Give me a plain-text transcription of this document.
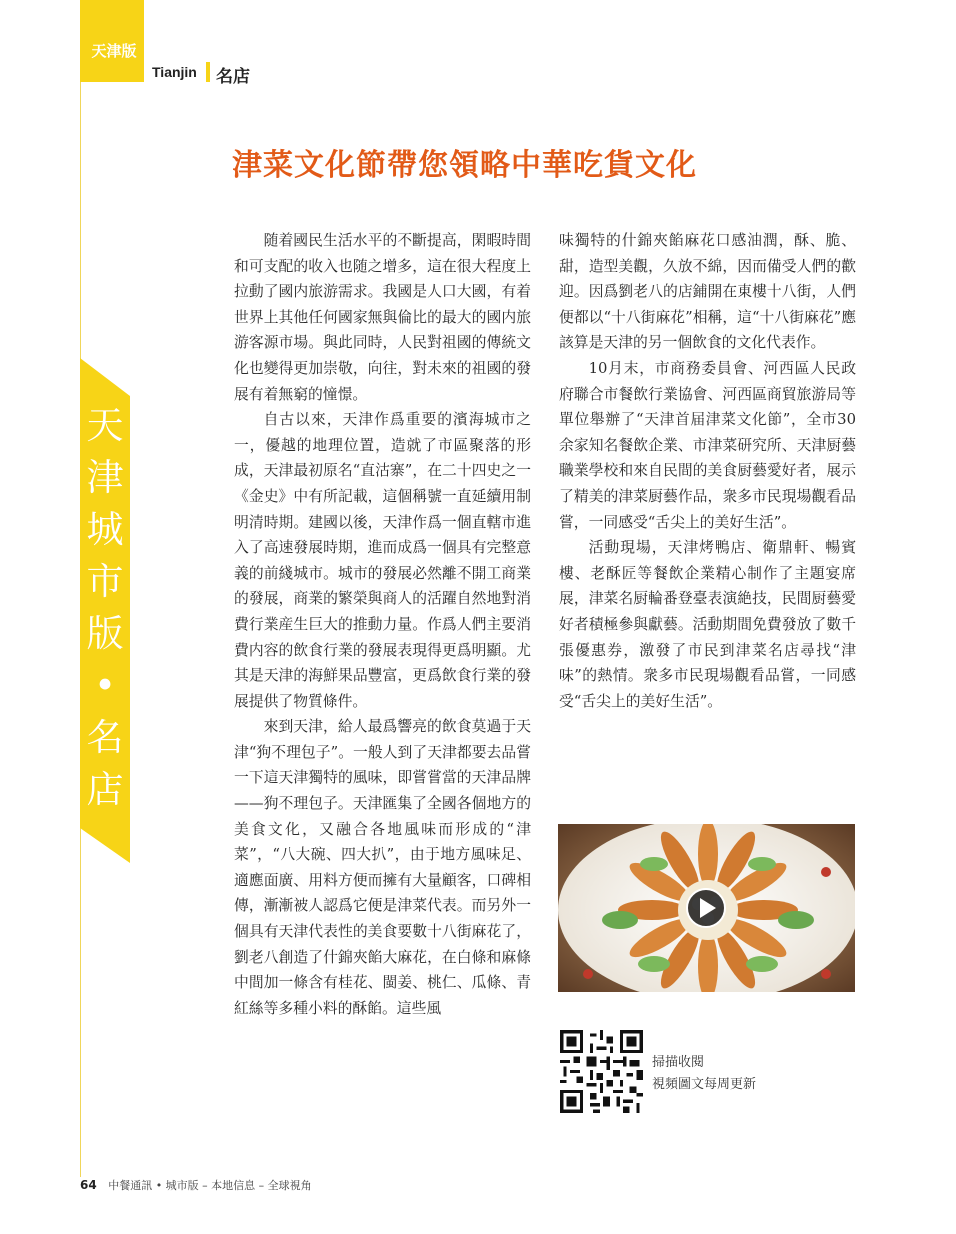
天津版
Tianjin 名店
天
津
城
市
版
•
名
店
津菜文化節帶您領略中華吃貨文化

随着國民生活水平的不斷提高，閑暇時間和可支配的收入也随之增多，這在很大程度上拉動了國内旅游需求。我國是人口大國，有着世界上其他任何國家無與倫比的最大的國内旅游客源市場。與此同時，人民對祖國的傳統文化也變得更加崇敬，向往，對未來的祖國的發展有着無窮的憧憬。

自古以來，天津作爲重要的濱海城市之一，優越的地理位置，造就了市區聚落的形成，天津最初原名“直沽寨”，在二十四史之一《金史》中有所記載，這個稱號一直延續用制明清時期。建國以後，天津作爲一個直轄市進入了高速發展時期，進而成爲一個具有完整意義的前綫城市。城市的發展必然離不開工商業的發展，商業的繁榮與商人的活躍自然地對消費行業産生巨大的推動力量。作爲人們主要消費内容的飲食行業的發展表現得更爲明顯。尤其是天津的海鮮果品豐富，更爲飲食行業的發展提供了物質條件。

來到天津，給人最爲響亮的飲食莫過于天津“狗不理包子”。一般人到了天津都要去品嘗一下這天津獨特的風味，即嘗嘗當的天津品牌——狗不理包子。天津匯集了全國各個地方的美食文化，又融合各地風味而形成的“津菜”，“八大碗、四大扒”，由于地方風味足、適應面廣、用料方便而擁有大量顧客，口碑相傳，漸漸被人認爲它便是津菜代表。而另外一個具有天津代表性的美食要數十八街麻花了，劉老八創造了什錦夾餡大麻花，在白條和麻條中間加一條含有桂花、閩姜、桃仁、瓜條、青紅絲等多種小料的酥餡。這些風

味獨特的什錦夾餡麻花口感油潤，酥、脆、甜，造型美觀，久放不綿，因而備受人們的歡迎。因爲劉老八的店鋪開在東樓十八街，人們便都以“十八街麻花”相稱，這“十八街麻花”應該算是天津的另一個飲食的文化代表作。

10月末，市商務委員會、河西區人民政府聯合市餐飲行業協會、河西區商貿旅游局等單位舉辦了“天津首届津菜文化節”，全市30余家知名餐飲企業、市津菜研究所、天津厨藝職業學校和來自民間的美食厨藝愛好者，展示了精美的津菜厨藝作品，衆多市民現場觀看品嘗，一同感受“舌尖上的美好生活”。

活動現場，天津烤鴨店、衛鼎軒、暢賓樓、老酥匠等餐飲企業精心制作了主題宴席展，津菜名厨輪番登臺表演絶技，民間厨藝愛好者積極參與獻藝。活動期間免費發放了數千張優惠券，激發了市民到津菜名店尋找“津味”的熱情。衆多市民現場觀看品嘗，一同感受“舌尖上的美好生活”。

掃描收閱
視頻圖文每周更新
64 中餐通訊 • 城市版 – 本地信息 – 全球視角
